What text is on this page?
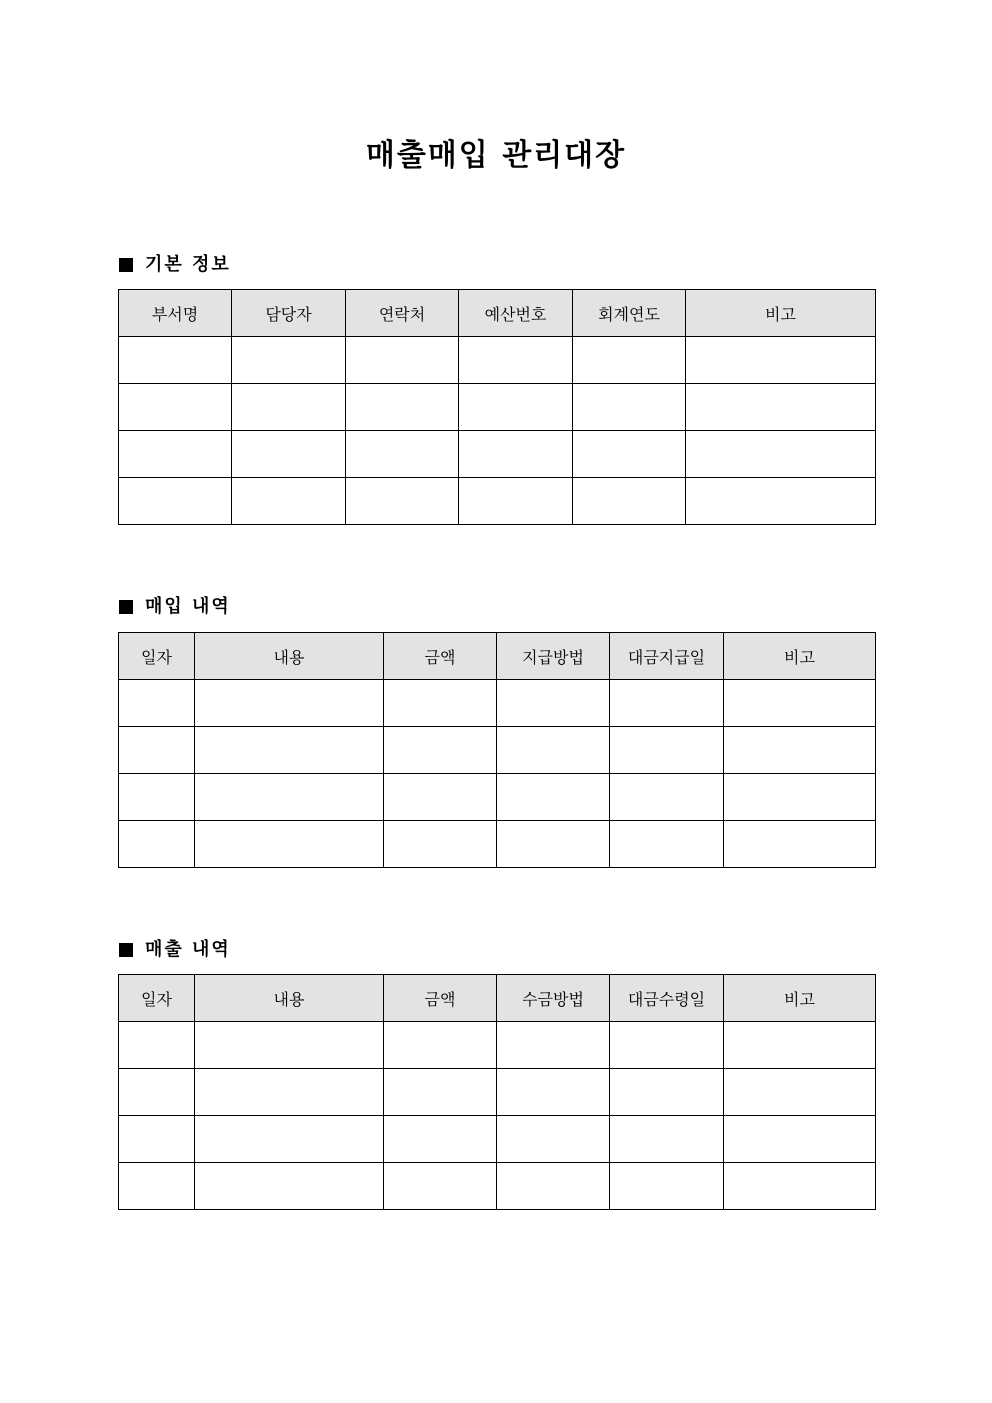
매출매입 관리대장
기본 정보
부서명	담당자	연락처	예산번호	회계연도	비고

매입 내역
일자	내용	금액	지급방법	대금지급일	비고

매출 내역
일자	내용	금액	수금방법	대금수령일	비고
